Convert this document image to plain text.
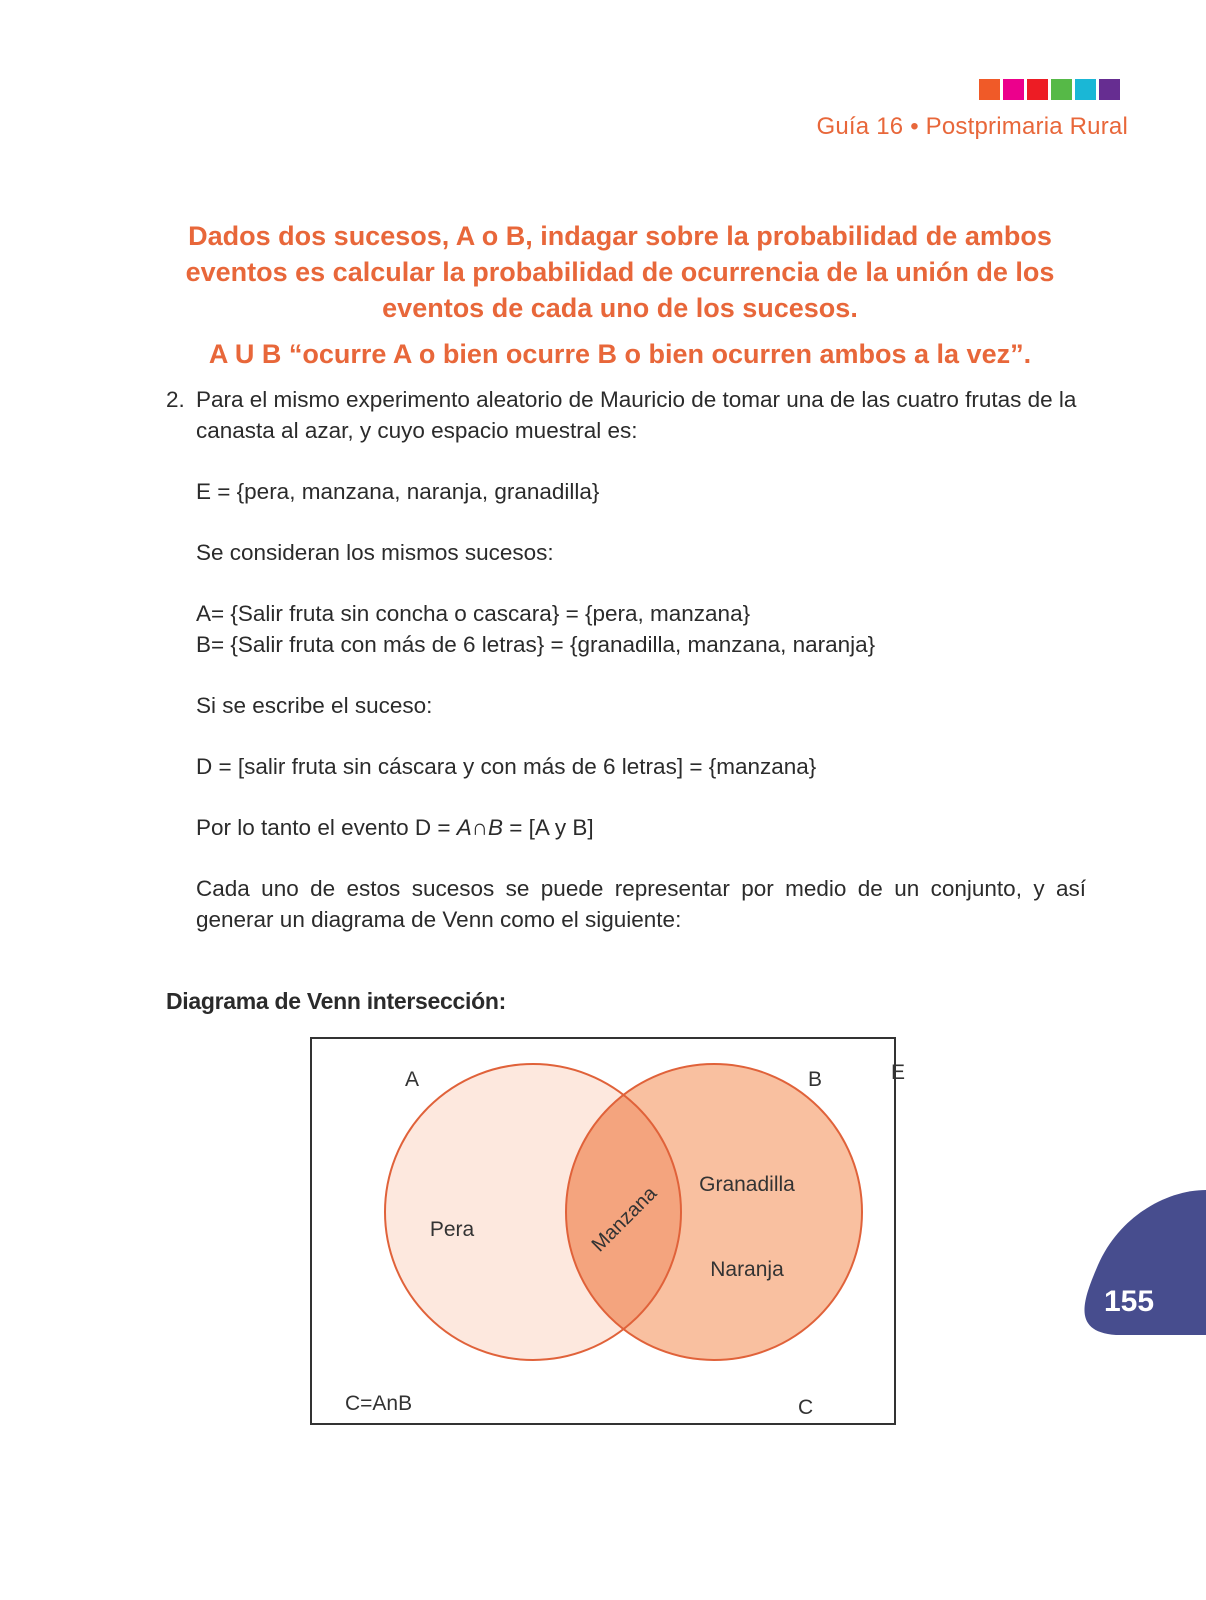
Guía 16 • Postprimaria Rural
Dados dos sucesos, A o B, indagar sobre la probabilidad de ambos
eventos es calcular la probabilidad de ocurrencia de la unión de los
eventos de cada uno de los sucesos.
A U B “ocurre A o bien ocurre B o bien ocurren ambos a la vez”.
2. Para el mismo experimento aleatorio de Mauricio de tomar una de las cuatro frutas de la canasta al azar, y cuyo espacio muestral es:

E = {pera, manzana, naranja, granadilla}

Se consideran los mismos sucesos:

A= {Salir fruta sin concha o cascara} = {pera, manzana}

B= {Salir fruta con más de 6 letras} = {granadilla, manzana, naranja}

Si se escribe el suceso:

D = [salir fruta sin cáscara y con más de 6 letras] = {manzana}

Por lo tanto el evento D = A∩B = [A y B]

Cada uno de estos sucesos se puede representar por medio de un conjunto, y así generar un diagrama de Venn como el siguiente:

Diagrama de Venn intersección:
A	B	E
Pera	Manzana Granadilla
Naranja
C=AnB	C
155
